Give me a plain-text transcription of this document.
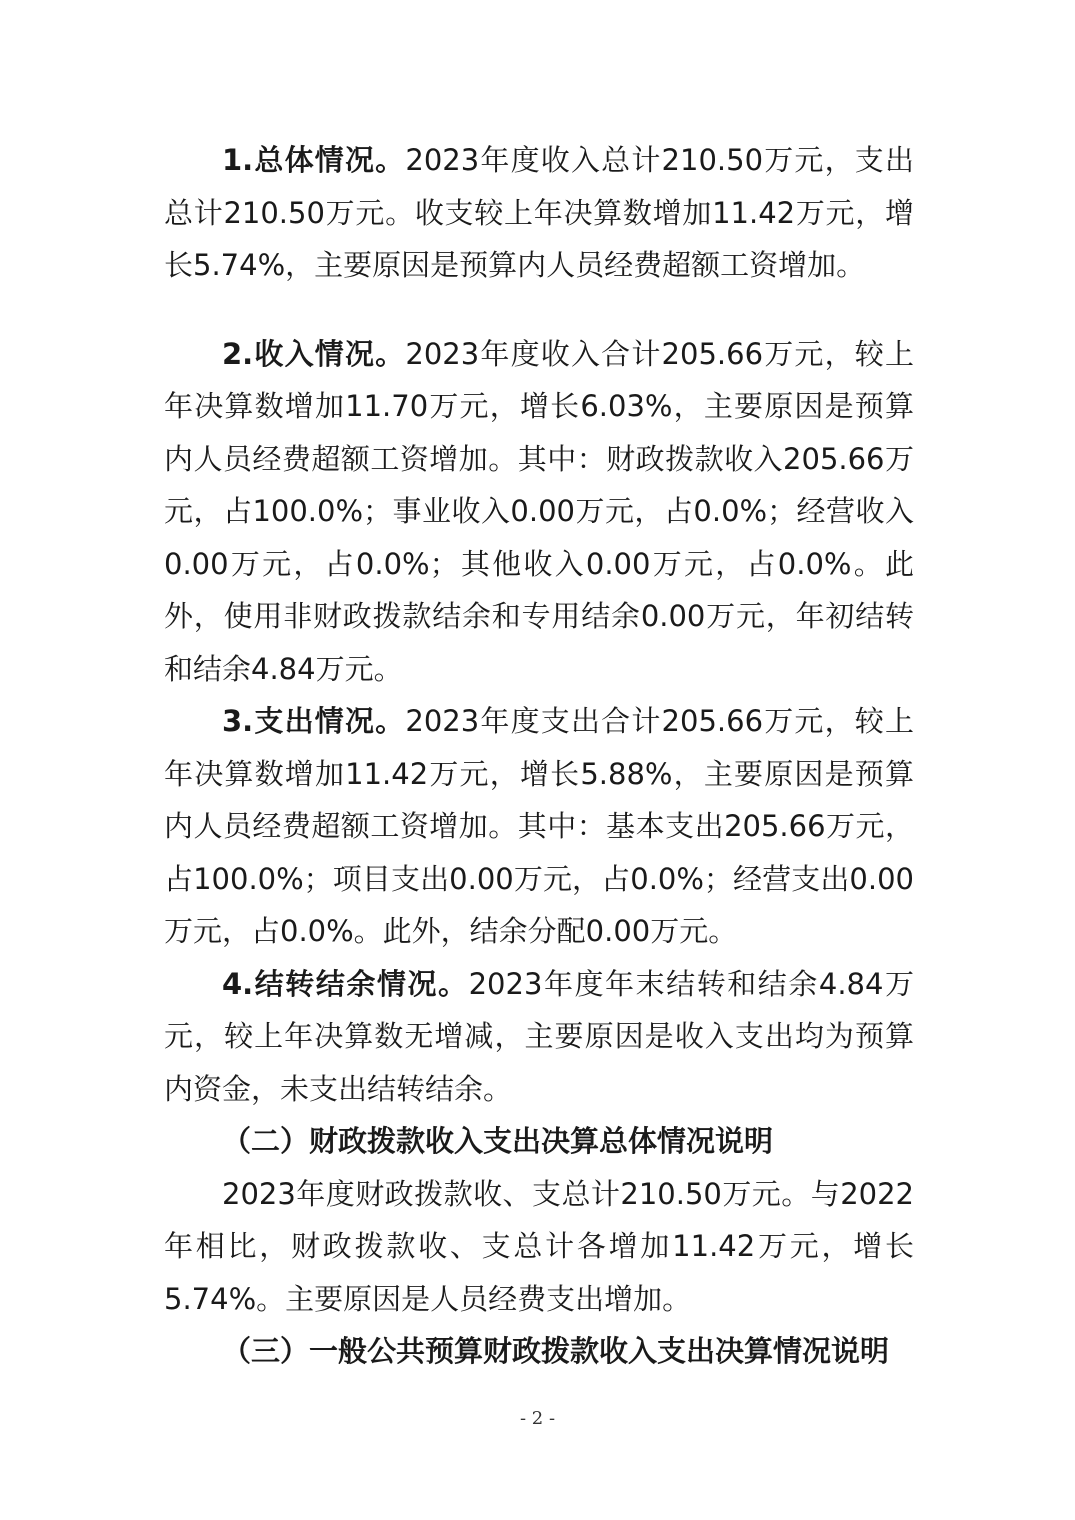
1.总体情况。2023年度收入总计210.50万元，支出总计210.50万元。收支较上年决算数增加11.42万元，增长5.74%，主要原因是预算内人员经费超额工资增加。

2.收入情况。2023年度收入合计205.66万元，较上年决算数增加11.70万元，增长6.03%，主要原因是预算内人员经费超额工资增加。其中：财政拨款收入205.66万元，占100.0%；事业收入0.00万元，占0.0%；经营收入0.00万元，占0.0%；其他收入0.00万元，占0.0%。此外，使用非财政拨款结余和专用结余0.00万元，年初结转和结余4.84万元。

3.支出情况。2023年度支出合计205.66万元，较上年决算数增加11.42万元，增长5.88%，主要原因是预算内人员经费超额工资增加。其中：基本支出205.66万元，占100.0%；项目支出0.00万元，占0.0%；经营支出0.00万元，占0.0%。此外，结余分配0.00万元。

4.结转结余情况。2023年度年末结转和结余4.84万元，较上年决算数无增减，主要原因是收入支出均为预算内资金，未支出结转结余。

（二）财政拨款收入支出决算总体情况说明

2023年度财政拨款收、支总计210.50万元。与2022年相比，财政拨款收、支总计各增加11.42万元，增长5.74%。主要原因是人员经费支出增加。

（三）一般公共预算财政拨款收入支出决算情况说明

- 2 -
